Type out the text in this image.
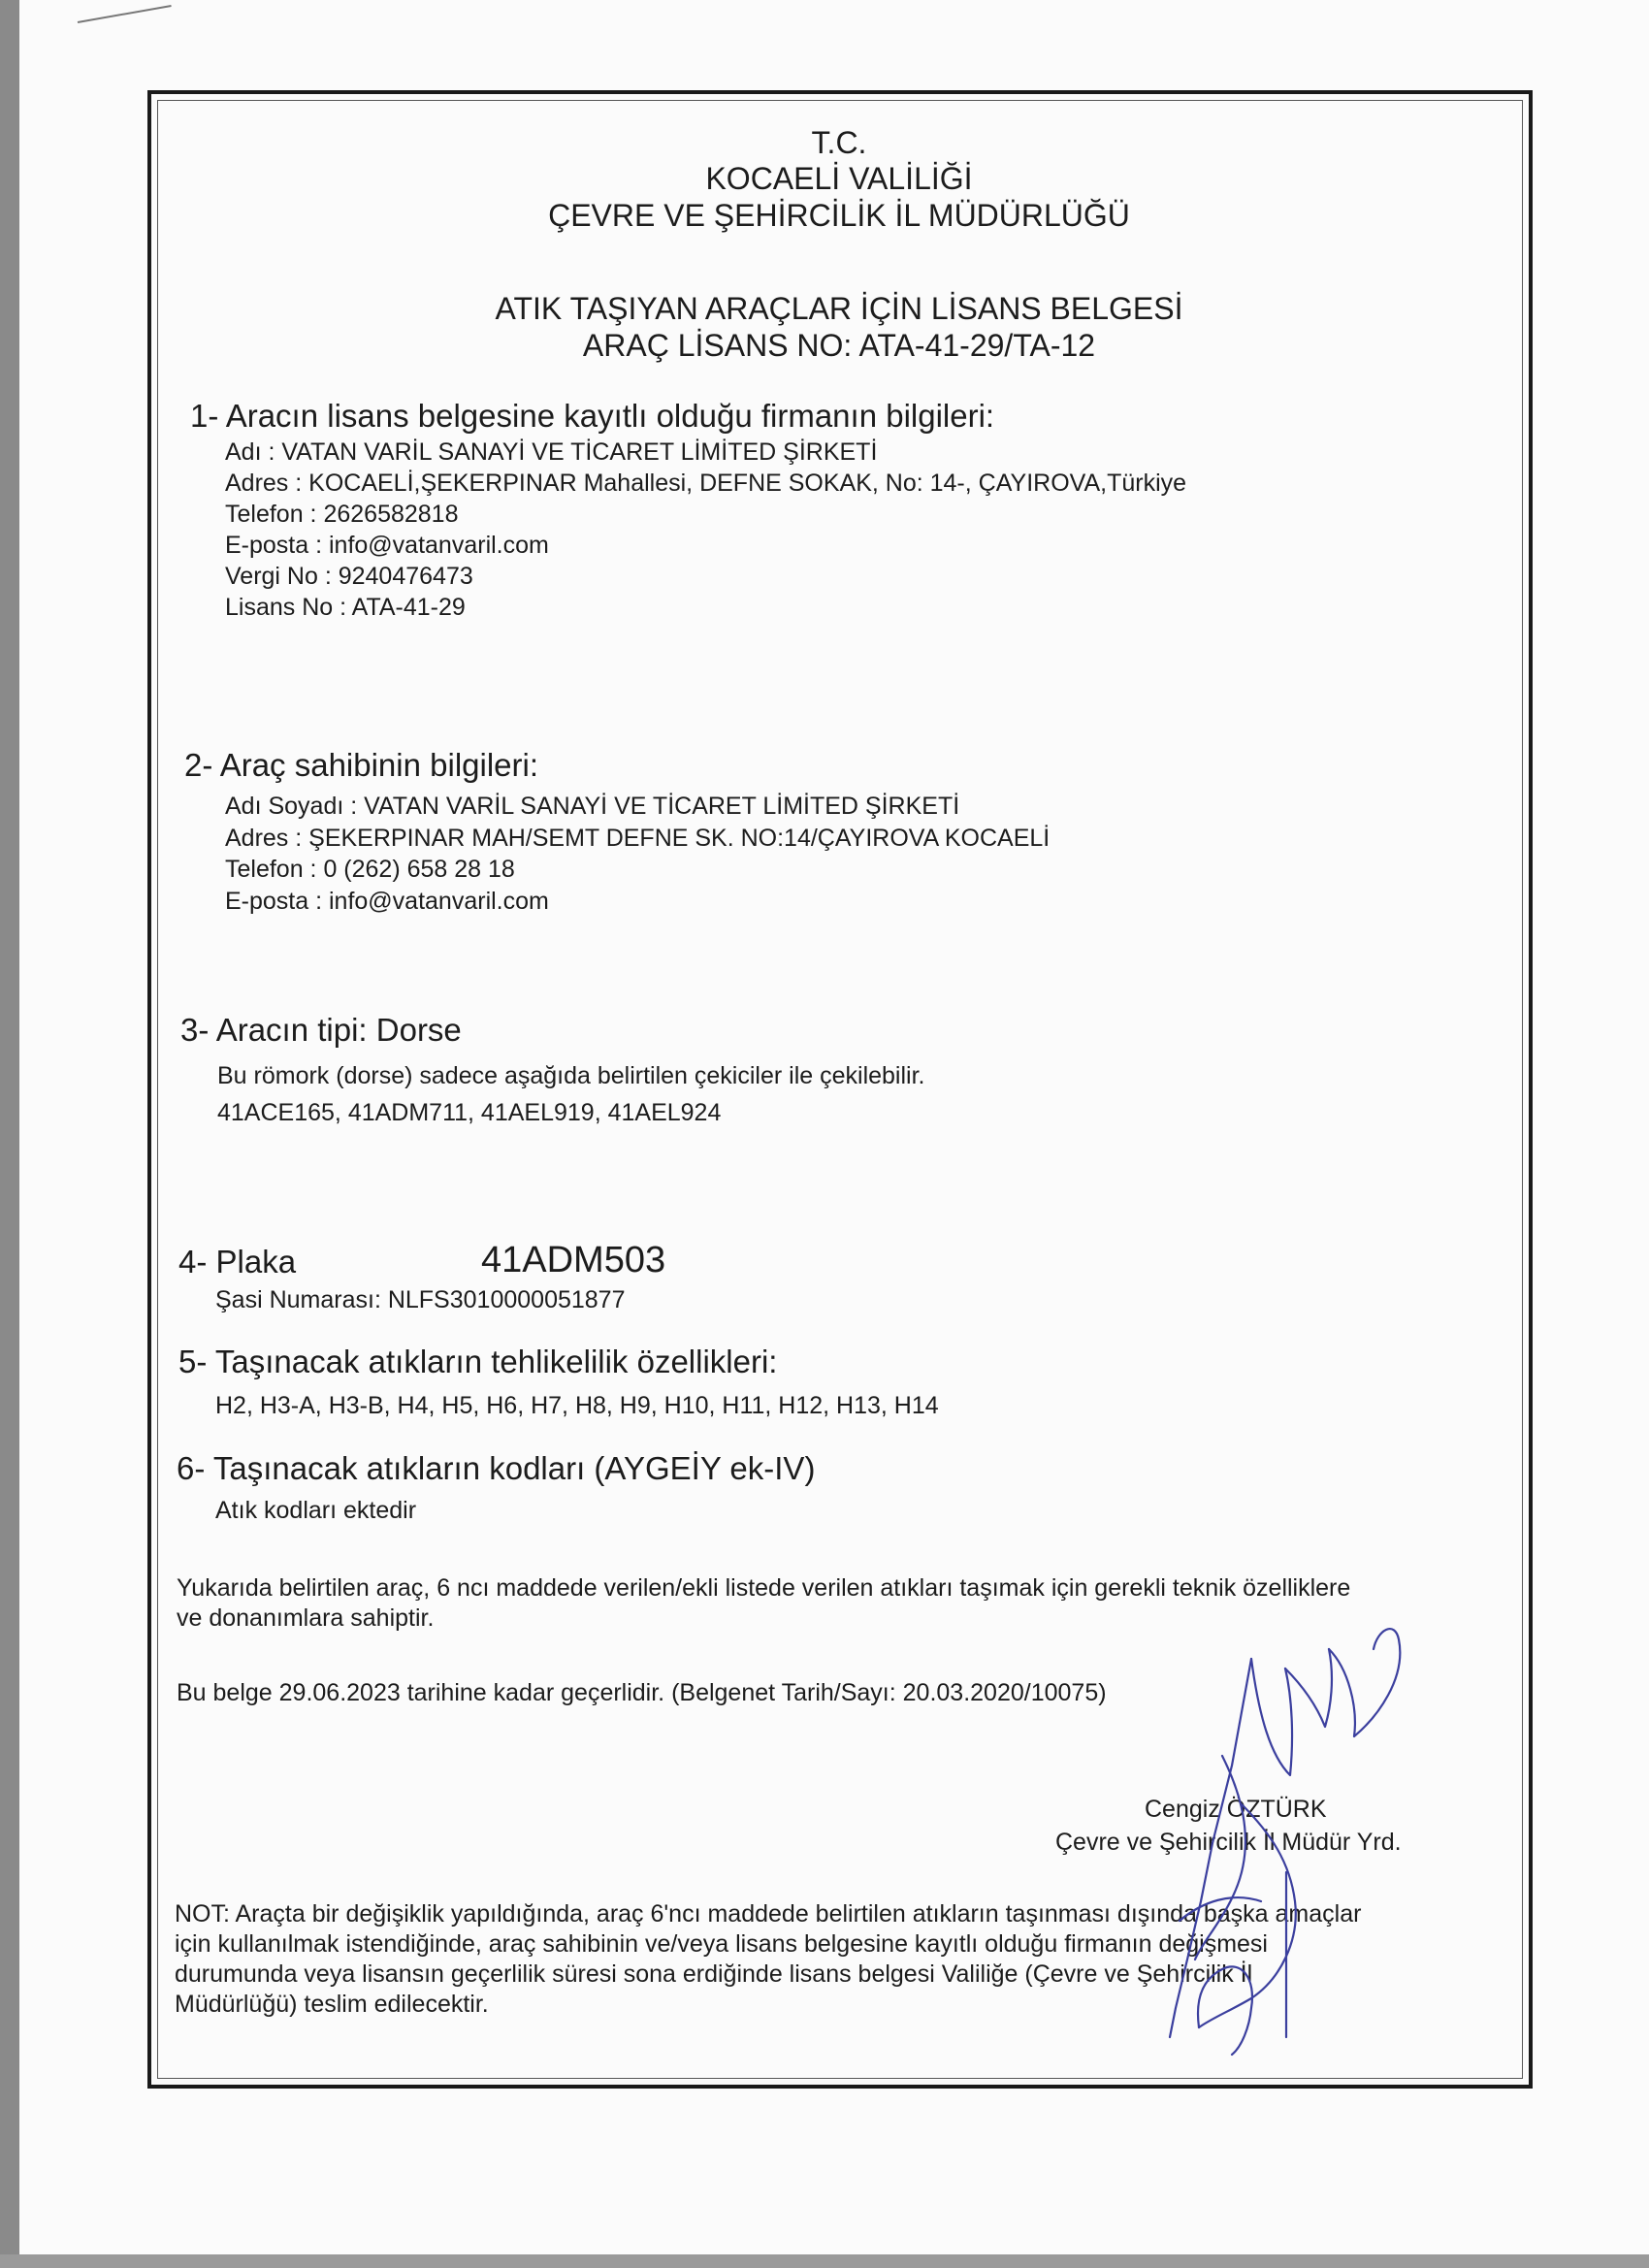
T.C.
KOCAELİ VALİLİĞİ
ÇEVRE VE ŞEHİRCİLİK İL MÜDÜRLÜĞÜ
ATIK TAŞIYAN ARAÇLAR İÇİN LİSANS BELGESİ
ARAÇ LİSANS NO: ATA-41-29/TA-12
1- Aracın lisans belgesine kayıtlı olduğu firmanın bilgileri:
Adı : VATAN VARİL SANAYİ VE TİCARET LİMİTED ŞİRKETİ
Adres : KOCAELİ,ŞEKERPINAR Mahallesi, DEFNE SOKAK, No: 14-, ÇAYIROVA,Türkiye
Telefon : 2626582818
E-posta : info@vatanvaril.com
Vergi No : 9240476473
Lisans No : ATA-41-29
2- Araç sahibinin bilgileri:
Adı Soyadı : VATAN VARİL SANAYİ VE TİCARET LİMİTED ŞİRKETİ
Adres : ŞEKERPINAR MAH/SEMT DEFNE SK. NO:14/ÇAYIROVA KOCAELİ
Telefon : 0 (262) 658 28 18
E-posta : info@vatanvaril.com
3- Aracın tipi: Dorse
Bu römork (dorse) sadece aşağıda belirtilen çekiciler ile çekilebilir.
41ACE165, 41ADM711, 41AEL919, 41AEL924
4- Plaka	41ADM503
Şasi Numarası: NLFS3010000051877
5- Taşınacak atıkların tehlikelilik özellikleri:
H2, H3-A, H3-B, H4, H5, H6, H7, H8, H9, H10, H11, H12, H13, H14
6- Taşınacak atıkların kodları (AYGEİY ek-IV)
Atık kodları ektedir
Yukarıda belirtilen araç, 6 ncı maddede verilen/ekli listede verilen atıkları taşımak için gerekli teknik özelliklere
ve donanımlara sahiptir.
Bu belge 29.06.2023 tarihine kadar geçerlidir. (Belgenet Tarih/Sayı: 20.03.2020/10075)
Cengiz ÖZTÜRK
Çevre ve Şehircilik İl Müdür Yrd.
NOT: Araçta bir değişiklik yapıldığında, araç 6'ncı maddede belirtilen atıkların taşınması dışında başka amaçlar
için kullanılmak istendiğinde, araç sahibinin ve/veya lisans belgesine kayıtlı olduğu firmanın değişmesi
durumunda veya lisansın geçerlilik süresi sona erdiğinde lisans belgesi Valiliğe (Çevre ve Şehircilik İl
Müdürlüğü) teslim edilecektir.
